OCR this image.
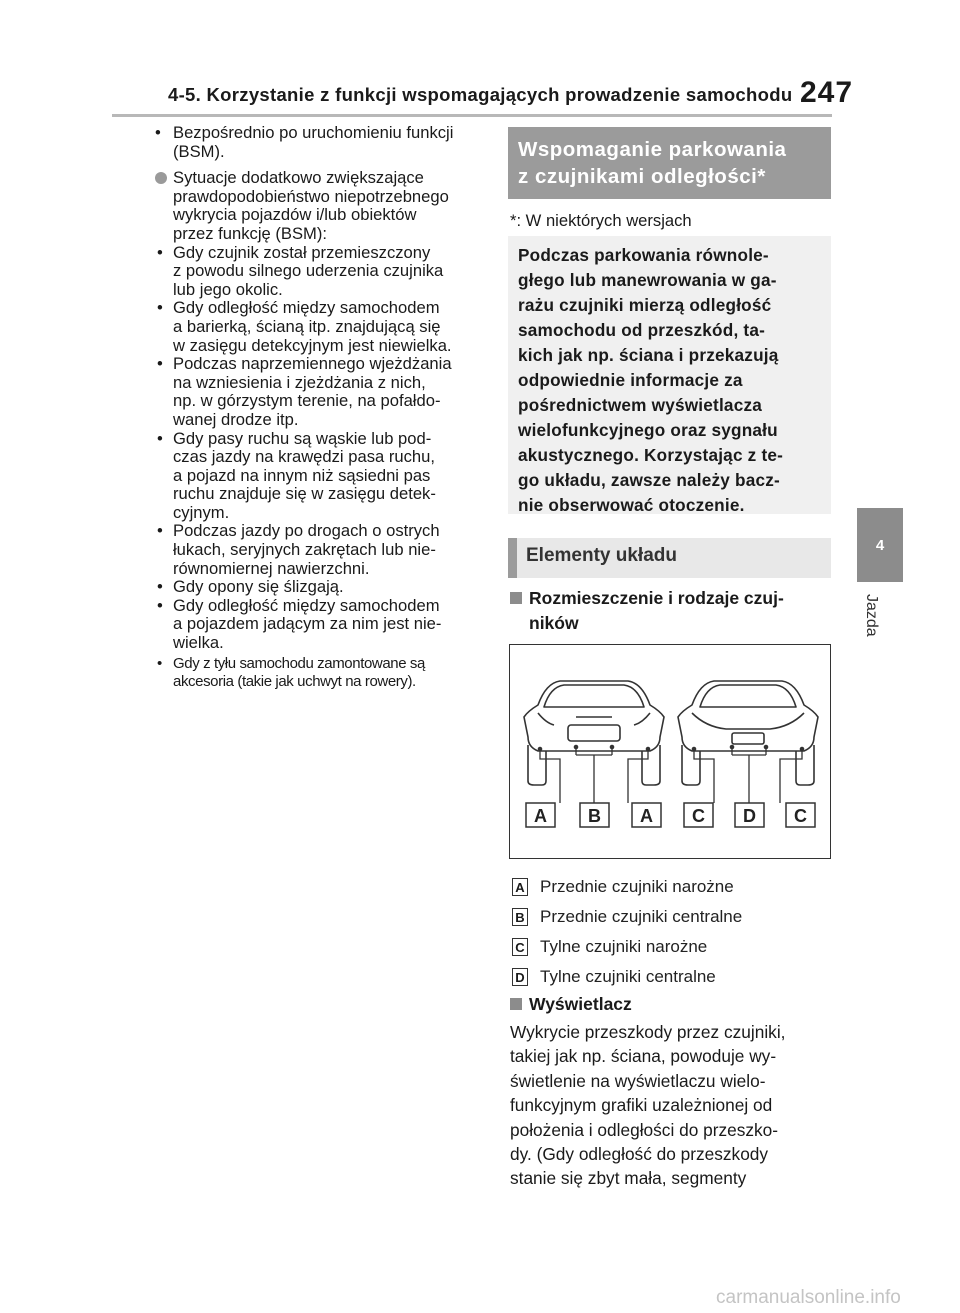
4-5. Korzystanie z funkcji wspomagających prowadzenie samochodu 247
4
Jazda
• Bezpośrednio po uruchomieniu funkcji
(BSM).
Sytuacje dodatkowo zwiększające
prawdopodobieństwo niepotrzebnego
wykrycia pojazdów i/lub obiektów
przez funkcję (BSM):
• Gdy czujnik został przemieszczony
z powodu silnego uderzenia czujnika
lub jego okolic.
• Gdy odległość między samochodem
a barierką, ścianą itp. znajdującą się
w zasięgu detekcyjnym jest niewielka.
• Podczas naprzemiennego wjeżdżania
na wzniesienia i zjeżdżania z nich,
np. w górzystym terenie, na pofałdo-
wanej drodze itp.
• Gdy pasy ruchu są wąskie lub pod-
czas jazdy na krawędzi pasa ruchu,
a pojazd na innym niż sąsiedni pas
ruchu znajduje się w zasięgu detek-
cyjnym.
• Podczas jazdy po drogach o ostrych
łukach, seryjnych zakrętach lub nie-
równomiernej nawierzchni.
• Gdy opony się ślizgają.
• Gdy odległość między samochodem
a pojazdem jadącym za nim jest nie-
wielka.
• Gdy z tyłu samochodu zamontowane są
akcesoria (takie jak uchwyt na rowery).
Wspomaganie parkowania
z czujnikami odległości*
*: W niektórych wersjach
Podczas parkowania równole-
głego lub manewrowania w ga-
rażu czujniki mierzą odległość
samochodu od przeszkód, ta-
kich jak np. ściana i przekazują
odpowiednie informacje za
pośrednictwem wyświetlacza
wielofunkcyjnego oraz sygnału
akustycznego. Korzystając z te-
go układu, zawsze należy bacz-
nie obserwować otoczenie.
Elementy układu
Rozmieszczenie i rodzaje czuj-
ników
A B A C D C
A Przednie czujniki narożne
B Przednie czujniki centralne
C Tylne czujniki narożne
D Tylne czujniki centralne
Wyświetlacz
Wykrycie przeszkody przez czujniki,
takiej jak np. ściana, powoduje wy-
świetlenie na wyświetlaczu wielo-
funkcyjnym grafiki uzależnionej od
położenia i odległości do przeszko-
dy. (Gdy odległość do przeszkody
stanie się zbyt mała, segmenty
carmanualsonline.info
